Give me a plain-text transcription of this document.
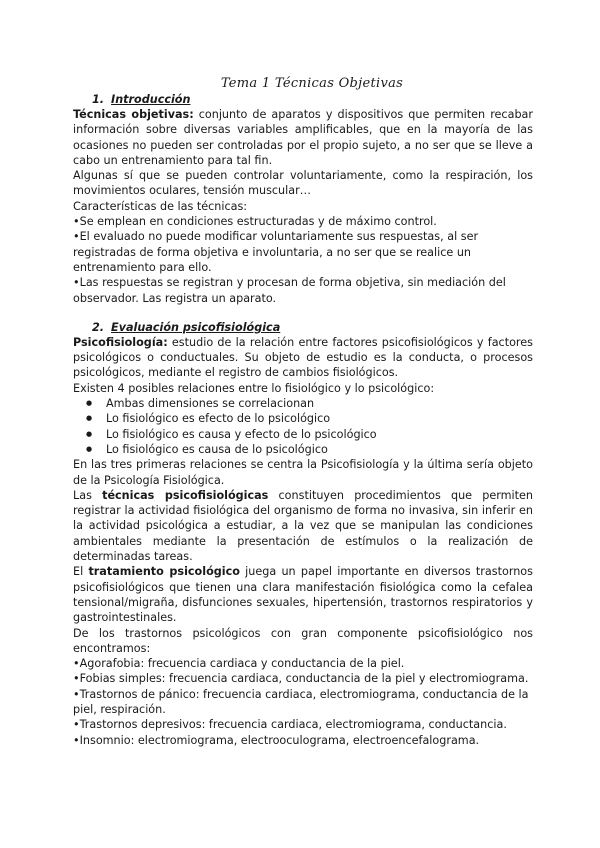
Tema 1 Técnicas Objetivas
1. Introducción

Técnicas objetivas: conjunto de aparatos y dispositivos que permiten recabar información sobre diversas variables amplificables, que en la mayoría de las ocasiones no pueden ser controladas por el propio sujeto, a no ser que se lleve a cabo un entrenamiento para tal fin.

Algunas sí que se pueden controlar voluntariamente, como la respiración, los movimientos oculares, tensión muscular…

Características de las técnicas:

•Se emplean en condiciones estructuradas y de máximo control.
•El evaluado no puede modificar voluntariamente sus respuestas, al ser registradas de forma objetiva e involuntaria, a no ser que se realice un entrenamiento para ello.
•Las respuestas se registran y procesan de forma objetiva, sin mediación del observador. Las registra un aparato.
2. Evaluación psicofisiológica

Psicofisiología: estudio de la relación entre factores psicofisiológicos y factores psicológicos o conductuales. Su objeto de estudio es la conducta, o procesos psicológicos, mediante el registro de cambios fisiológicos.

Existen 4 posibles relaciones entre lo fisiológico y lo psicológico:

● Ambas dimensiones se correlacionan
● Lo fisiológico es efecto de lo psicológico
● Lo fisiológico es causa y efecto de lo psicológico
● Lo fisiológico es causa de lo psicológico

En las tres primeras relaciones se centra la Psicofisiología y la última sería objeto de la Psicología Fisiológica.

Las técnicas psicofisiológicas constituyen procedimientos que permiten registrar la actividad fisiológica del organismo de forma no invasiva, sin inferir en la actividad psicológica a estudiar, a la vez que se manipulan las condiciones ambientales mediante la presentación de estímulos o la realización de determinadas tareas.

El tratamiento psicológico juega un papel importante en diversos trastornos psicofisiológicos que tienen una clara manifestación fisiológica como la cefalea tensional/migraña, disfunciones sexuales, hipertensión, trastornos respiratorios y gastrointestinales.

De los trastornos psicológicos con gran componente psicofisiológico nos encontramos:

•Agorafobia: frecuencia cardiaca y conductancia de la piel.
•Fobias simples: frecuencia cardiaca, conductancia de la piel y electromiograma.
•Trastornos de pánico: frecuencia cardiaca, electromiograma, conductancia de la piel, respiración.
•Trastornos depresivos: frecuencia cardiaca, electromiograma, conductancia.
•Insomnio: electromiograma, electrooculograma, electroencefalograma.
